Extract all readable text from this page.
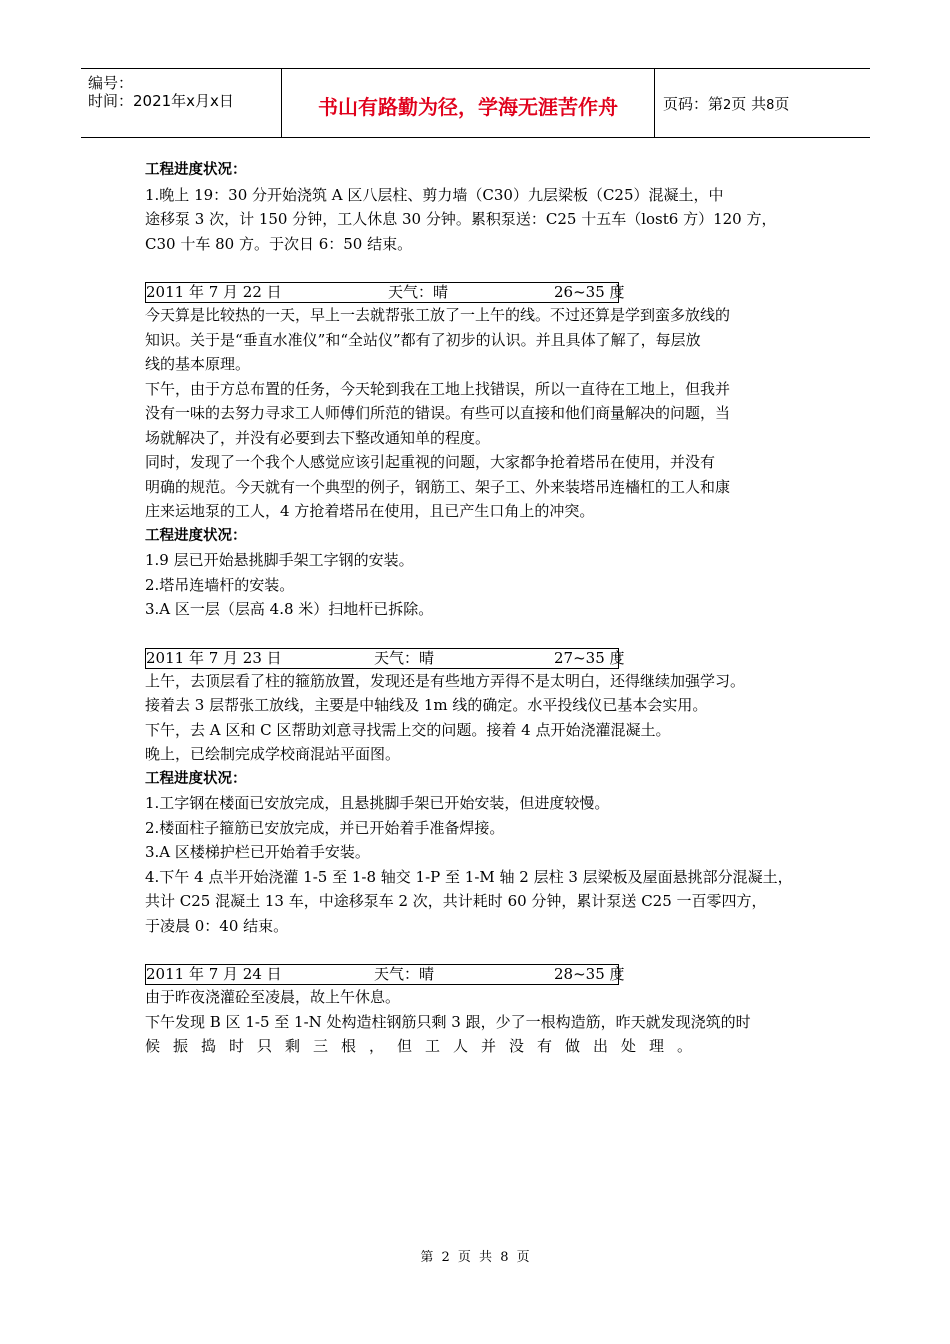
编号：
时间：2021年x月x日	书山有路勤为径，学海无涯苦作舟	页码：第2页 共8页
工程进度状况：
1.晚上 19：30 分开始浇筑 A 区八层柱、剪力墙（C30）九层梁板（C25）混凝土，中
途移泵 3 次，计 150 分钟，工人休息 30 分钟。累积泵送：C25 十五车（lost6 方）120 方，
C30 十车 80 方。于次日 6：50 结束。
2011 年 7 月 22 日	天气：晴	26~35 度
今天算是比较热的一天，早上一去就帮张工放了一上午的线。不过还算是学到蛮多放线的
知识。关于是“垂直水准仪”和“全站仪”都有了初步的认识。并且具体了解了，每层放
线的基本原理。
下午，由于方总布置的任务，今天轮到我在工地上找错误，所以一直待在工地上，但我并
没有一味的去努力寻求工人师傅们所范的错误。有些可以直接和他们商量解决的问题，当
场就解决了，并没有必要到去下整改通知单的程度。
同时，发现了一个我个人感觉应该引起重视的问题，大家都争抢着塔吊在使用，并没有
明确的规范。今天就有一个典型的例子，钢筋工、架子工、外来装塔吊连檣杠的工人和康
庄来运地泵的工人，4 方抢着塔吊在使用，且已产生口角上的冲突。
工程进度状况：
1.9 层已开始悬挑脚手架工字钢的安装。
2.塔吊连墙杆的安装。
3.A 区一层（层高 4.8 米）扫地杆已拆除。
2011 年 7 月 23 日	天气：晴	27~35 度
上午，去顶层看了柱的箍筋放置，发现还是有些地方弄得不是太明白，还得继续加强学习。
接着去 3 层帮张工放线，主要是中轴线及 1m 线的确定。水平投线仪已基本会实用。
下午，去 A 区和 C 区帮助刘意寻找需上交的问题。接着 4 点开始浇灌混凝土。
晚上，已绘制完成学校商混站平面图。
工程进度状况：
1.工字钢在楼面已安放完成，且悬挑脚手架已开始安装，但进度较慢。
2.楼面柱子箍筋已安放完成，并已开始着手准备焊接。
3.A 区楼梯护栏已开始着手安装。
4.下午 4 点半开始浇灌 1-5 至 1-8 轴交 1-P 至 1-M 轴 2 层柱 3 层梁板及屋面悬挑部分混凝土，
共计 C25 混凝土 13 车，中途移泵车 2 次，共计耗时 60 分钟，累计泵送 C25 一百零四方，
于凌晨 0：40 结束。
2011 年 7 月 24 日	天气：晴	28~35 度
由于昨夜浇灌砼至凌晨，故上午休息。
下午发现 B 区 1-5 至 1-N 处构造柱钢筋只剩 3 跟，少了一根构造筋，昨天就发现浇筑的时
候振捣时只剩三根，但工人并没有做出处理。
第 2 页 共 8 页
